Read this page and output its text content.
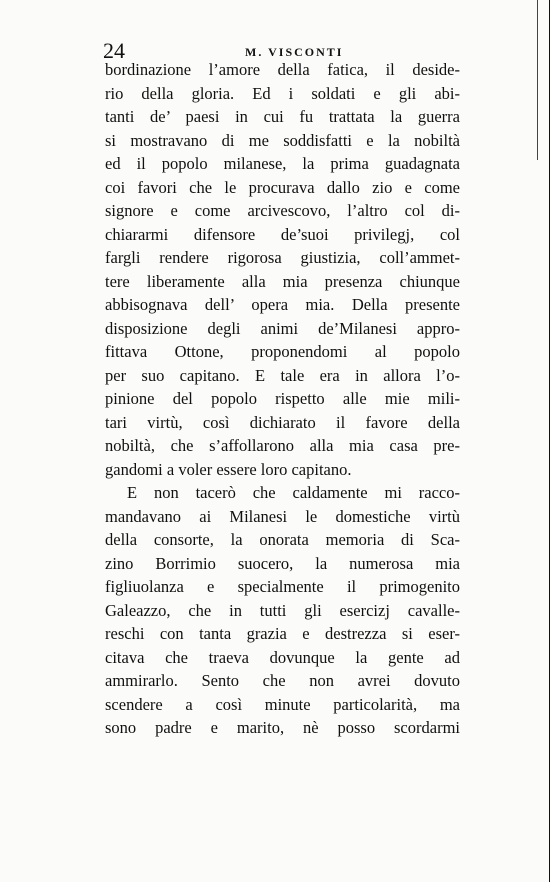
24	M. VISCONTI
bordinazione l’amore della fatica, il deside-
rio della gloria. Ed i soldati e gli abi-
tanti de’ paesi in cui fu trattata la guerra
si mostravano di me soddisfatti e la nobiltà
ed il popolo milanese, la prima guadagnata
coi favori che le procurava dallo zio e come
signore e come arcivescovo, l’altro col di-
chiararmi difensore de’suoi privilegj, col
fargli rendere rigorosa giustizia, coll’ammet-
tere liberamente alla mia presenza chiunque
abbisognava dell’ opera mia. Della presente
disposizione degli animi de’Milanesi appro-
fittava Ottone, proponendomi al popolo
per suo capitano. E tale era in allora l’o-
pinione del popolo rispetto alle mie mili-
tari virtù, così dichiarato il favore della
nobiltà, che s’affollarono alla mia casa pre-
gandomi a voler essere loro capitano.
E non tacerò che caldamente mi racco-
mandavano ai Milanesi le domestiche virtù
della consorte, la onorata memoria di Sca-
zino Borrimio suocero, la numerosa mia
figliuolanza e specialmente il primogenito
Galeazzo, che in tutti gli esercizj cavalle-
reschi con tanta grazia e destrezza si eser-
citava che traeva dovunque la gente ad
ammirarlo. Sento che non avrei dovuto
scendere a così minute particolarità, ma
sono padre e marito, nè posso scordarmi
